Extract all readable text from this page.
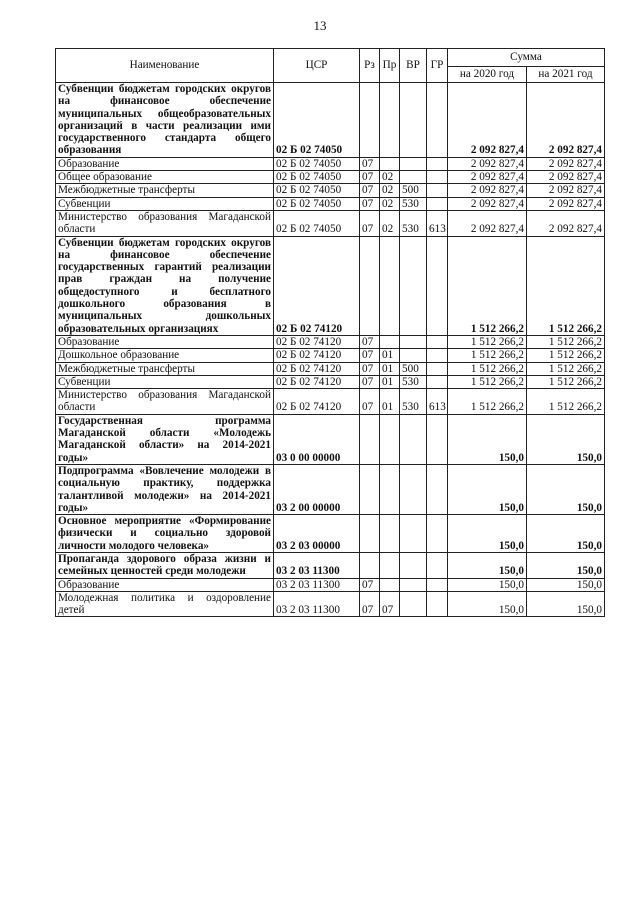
13
Наименование	ЦСР	Рз	Пр	ВР	ГР	Сумма	
						на 2020 год	на 2021 год
Субвенции бюджетам городских округов на финансовое обеспечение муниципальных общеобразовательных организаций в части реализации ими государственного стандарта общего образования	02 Б 02 74050					2 092 827,4	2 092 827,4
Образование	02 Б 02 74050	07				2 092 827,4	2 092 827,4
Общее образование	02 Б 02 74050	07	02			2 092 827,4	2 092 827,4
Межбюджетные трансферты	02 Б 02 74050	07	02	500		2 092 827,4	2 092 827,4
Субвенции	02 Б 02 74050	07	02	530		2 092 827,4	2 092 827,4
Министерство образования Магаданской области	02 Б 02 74050	07	02	530	613	2 092 827,4	2 092 827,4
Субвенции бюджетам городских округов на финансовое обеспечение государственных гарантий реализации прав граждан на получение общедоступного и бесплатного дошкольного образования в муниципальных дошкольных образовательных организациях	02 Б 02 74120					1 512 266,2	1 512 266,2
Образование	02 Б 02 74120	07				1 512 266,2	1 512 266,2
Дошкольное образование	02 Б 02 74120	07	01			1 512 266,2	1 512 266,2
Межбюджетные трансферты	02 Б 02 74120	07	01	500		1 512 266,2	1 512 266,2
Субвенции	02 Б 02 74120	07	01	530		1 512 266,2	1 512 266,2
Министерство образования Магаданской области	02 Б 02 74120	07	01	530	613	1 512 266,2	1 512 266,2
Государственная программа Магаданской области «Молодежь Магаданской области» на 2014-2021 годы»	03 0 00 00000					150,0	150,0
Подпрограмма «Вовлечение молодежи в социальную практику, поддержка талантливой молодежи» на 2014-2021 годы»	03 2 00 00000					150,0	150,0
Основное мероприятие «Формирование физически и социально здоровой личности молодого человека»	03 2 03 00000					150,0	150,0
Пропаганда здорового образа жизни и семейных ценностей среди молодежи	03 2 03 11300					150,0	150,0
Образование	03 2 03 11300	07				150,0	150,0
Молодежная политика и оздоровление детей	03 2 03 11300	07	07			150,0	150,0
